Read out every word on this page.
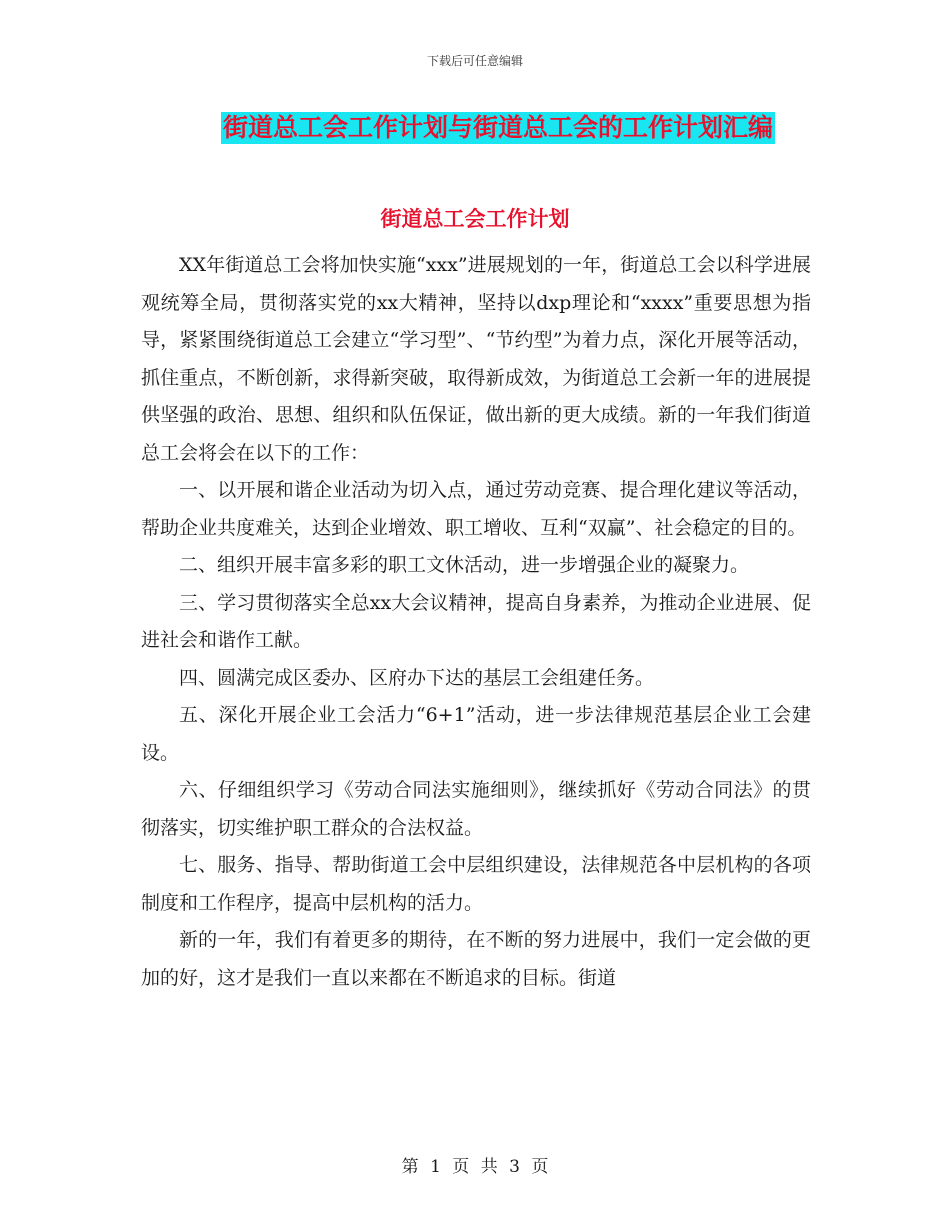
下载后可任意编辑
街道总工会工作计划与街道总工会的工作计划汇编
街道总工会工作计划

XX年街道总工会将加快实施“xxx”进展规划的一年，街道总工会以科学进展观统筹全局，贯彻落实党的xx大精神，坚持以dxp理论和“xxxx”重要思想为指导，紧紧围绕街道总工会建立“学习型”、“节约型”为着力点，深化开展等活动，抓住重点，不断创新，求得新突破，取得新成效，为街道总工会新一年的进展提供坚强的政治、思想、组织和队伍保证，做出新的更大成绩。新的一年我们街道总工会将会在以下的工作：

一、以开展和谐企业活动为切入点，通过劳动竞赛、提合理化建议等活动，帮助企业共度难关，达到企业增效、职工增收、互利“双赢”、社会稳定的目的。

二、组织开展丰富多彩的职工文休活动，进一步增强企业的凝聚力。

三、学习贯彻落实全总xx大会议精神，提高自身素养，为推动企业进展、促进社会和谐作工献。

四、圆满完成区委办、区府办下达的基层工会组建任务。

五、深化开展企业工会活力“6+1”活动，进一步法律规范基层企业工会建设。

六、仔细组织学习《劳动合同法实施细则》，继续抓好《劳动合同法》的贯彻落实，切实维护职工群众的合法权益。

七、服务、指导、帮助街道工会中层组织建设，法律规范各中层机构的各项制度和工作程序，提高中层机构的活力。

新的一年，我们有着更多的期待，在不断的努力进展中，我们一定会做的更加的好，这才是我们一直以来都在不断追求的目标。街道

第 1 页 共 3 页
